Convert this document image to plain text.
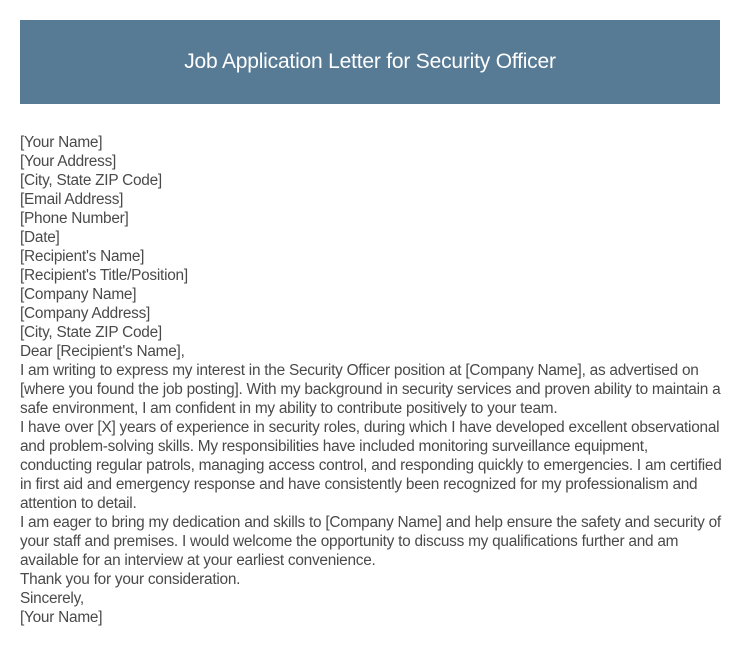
Job Application Letter for Security Officer
[Your Name]
[Your Address]
[City, State ZIP Code]
[Email Address]
[Phone Number]
[Date]
[Recipient's Name]
[Recipient's Title/Position]
[Company Name]
[Company Address]
[City, State ZIP Code]
Dear [Recipient's Name],

I am writing to express my interest in the Security Officer position at [Company Name], as advertised on [where you found the job posting]. With my background in security services and proven ability to maintain a safe environment, I am confident in my ability to contribute positively to your team.

I have over [X] years of experience in security roles, during which I have developed excellent observational and problem-solving skills. My responsibilities have included monitoring surveillance equipment, conducting regular patrols, managing access control, and responding quickly to emergencies. I am certified in first aid and emergency response and have consistently been recognized for my professionalism and attention to detail.

I am eager to bring my dedication and skills to [Company Name] and help ensure the safety and security of your staff and premises. I would welcome the opportunity to discuss my qualifications further and am available for an interview at your earliest convenience.

Thank you for your consideration.
Sincerely,
[Your Name]
